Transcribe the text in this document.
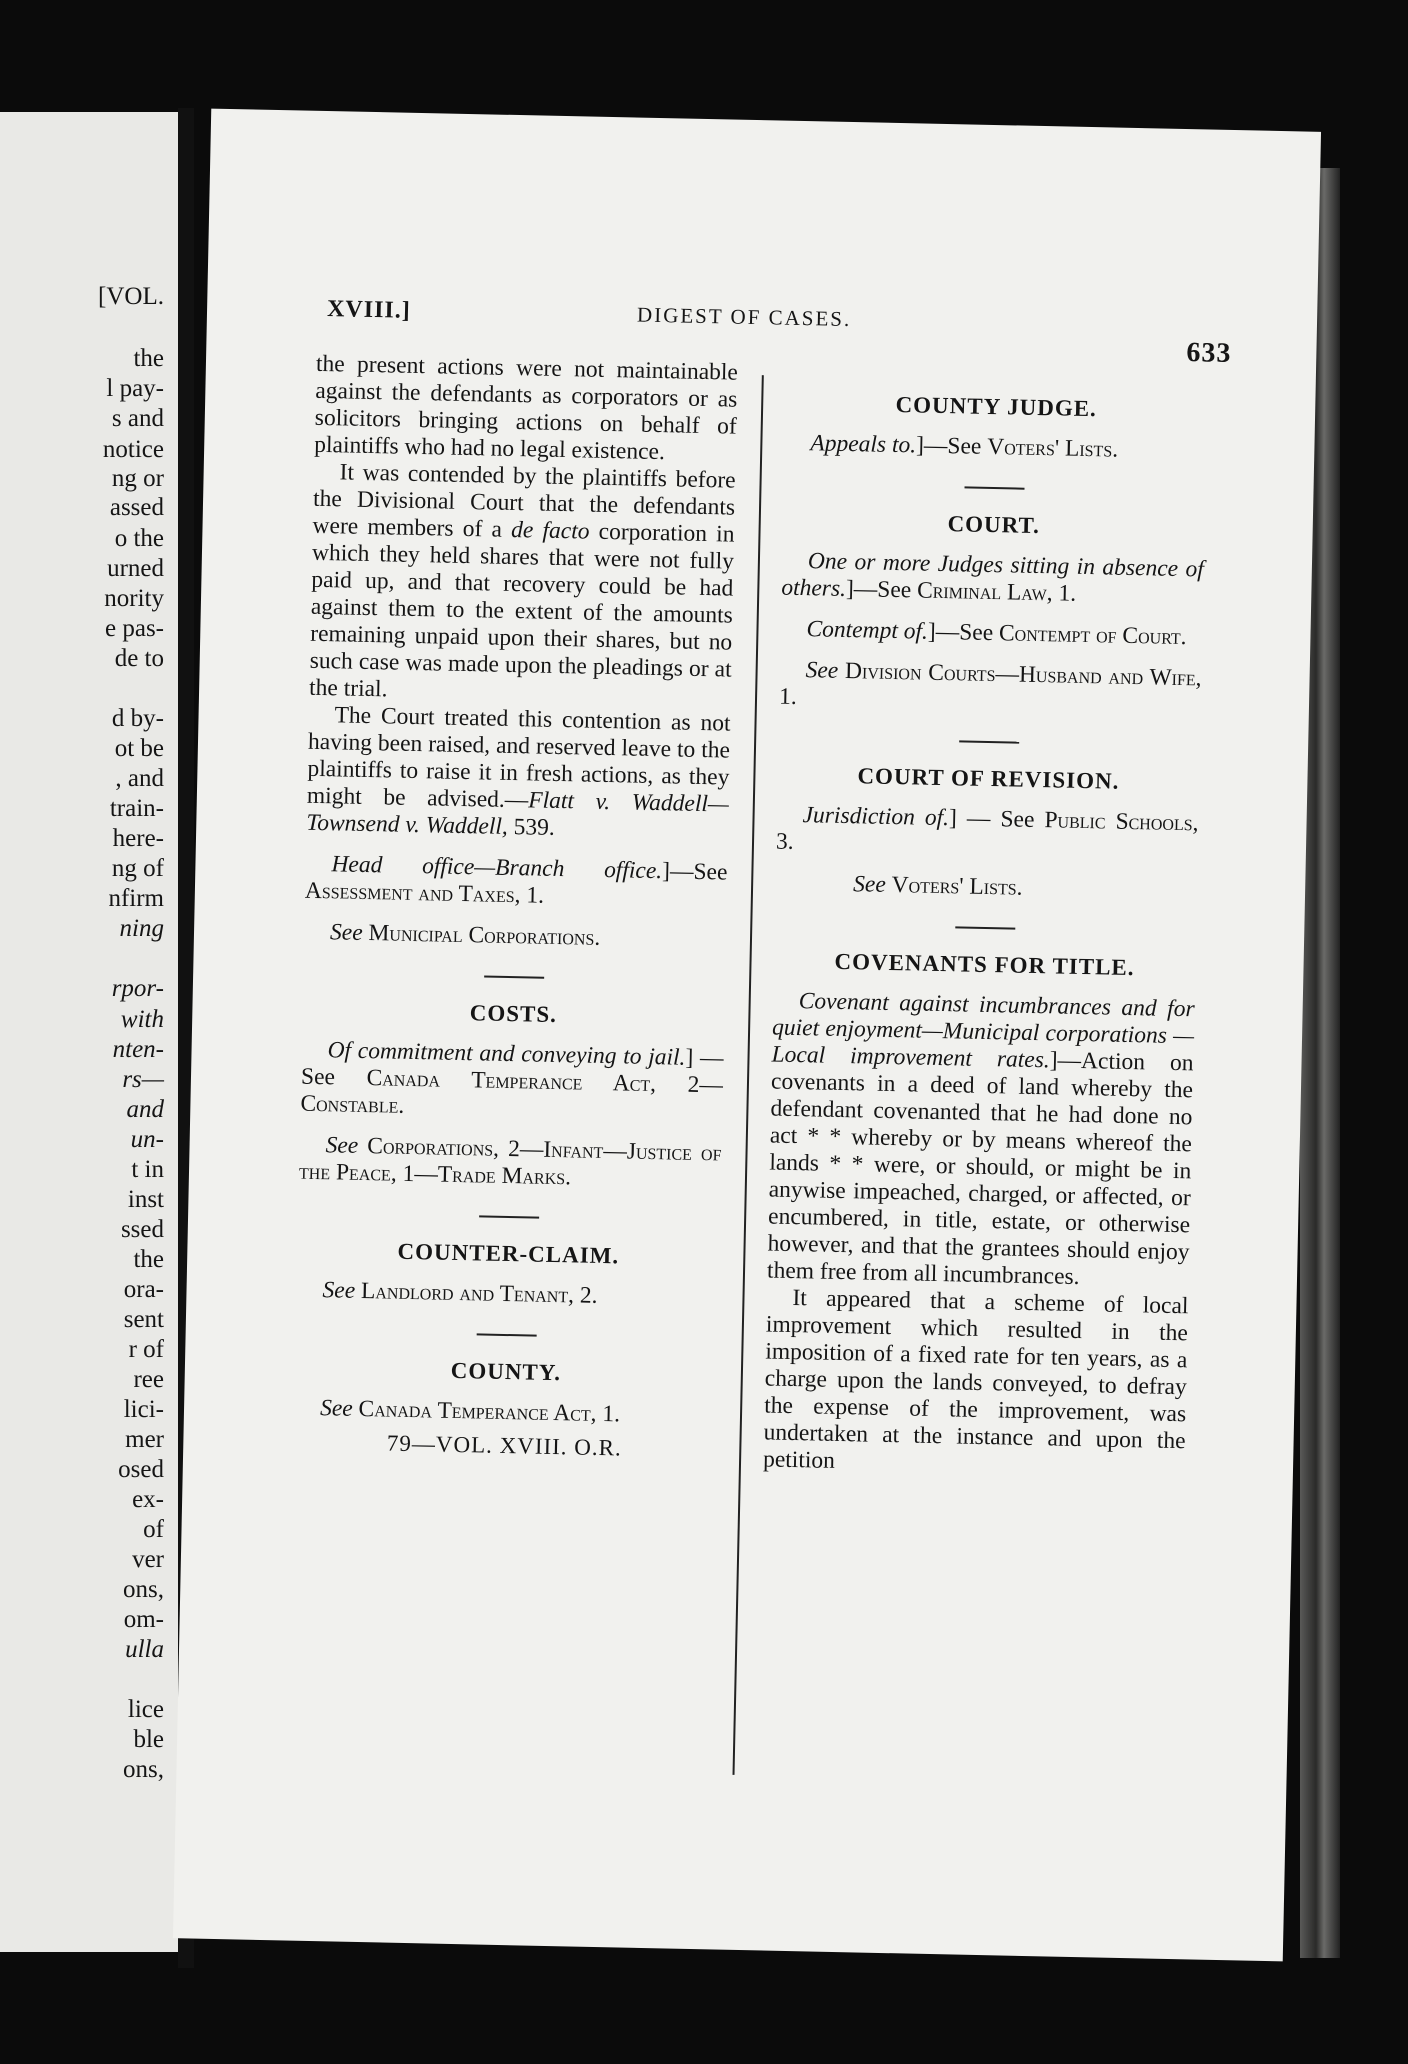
[VOL.
the
l pay-
s and
notice
ng or
assed
o the
urned
nority
e pas-
de to
d by-
ot be
, and
train-
here-
ng of
nfirm
ning
rpor-
with
nten-
rs—
and
un-
t in
inst
ssed
the
ora-
sent
r of
ree
lici-
mer
osed
ex-
of
ver
ons,
om-
ulla
lice
ble
ons,
XVIII.]	DIGEST OF CASES.
633

the present actions were not maintainable against the defendants as corporators or as solicitors bringing actions on behalf of plaintiffs who had no legal existence.

It was contended by the plaintiffs before the Divisional Court that the defendants were members of a de facto corporation in which they held shares that were not fully paid up, and that recovery could be had against them to the extent of the amounts remaining unpaid upon their shares, but no such case was made upon the pleadings or at the trial.

The Court treated this contention as not having been raised, and reserved leave to the plaintiffs to raise it in fresh actions, as they might be advised.—Flatt v. Waddell—Townsend v. Waddell, 539.

Head office—Branch office.]—See Assessment and Taxes, 1.

See Municipal Corporations.

COSTS.

Of commitment and conveying to jail.] — See Canada Temperance Act, 2—Constable.

See Corporations, 2—Infant—Justice of the Peace, 1—Trade Marks.

COUNTER-CLAIM.

See Landlord and Tenant, 2.

COUNTY.

See Canada Temperance Act, 1.

79—VOL. XVIII. O.R.
COUNTY JUDGE.

Appeals to.]—See Voters' Lists.

COURT.

One or more Judges sitting in absence of others.]—See Criminal Law, 1.

Contempt of.]—See Contempt of Court.

See Division Courts—Husband and Wife, 1.

COURT OF REVISION.

Jurisdiction of.] — See Public Schools, 3.

See Voters' Lists.

COVENANTS FOR TITLE.

Covenant against incumbrances and for quiet enjoyment—Municipal corporations — Local improvement rates.]—Action on covenants in a deed of land whereby the defendant covenanted that he had done no act * * whereby or by means whereof the lands * * were, or should, or might be in anywise impeached, charged, or affected, or encumbered, in title, estate, or otherwise however, and that the grantees should enjoy them free from all incumbrances.

It appeared that a scheme of local improvement which resulted in the imposition of a fixed rate for ten years, as a charge upon the lands conveyed, to defray the expense of the improvement, was undertaken at the instance and upon the petition
